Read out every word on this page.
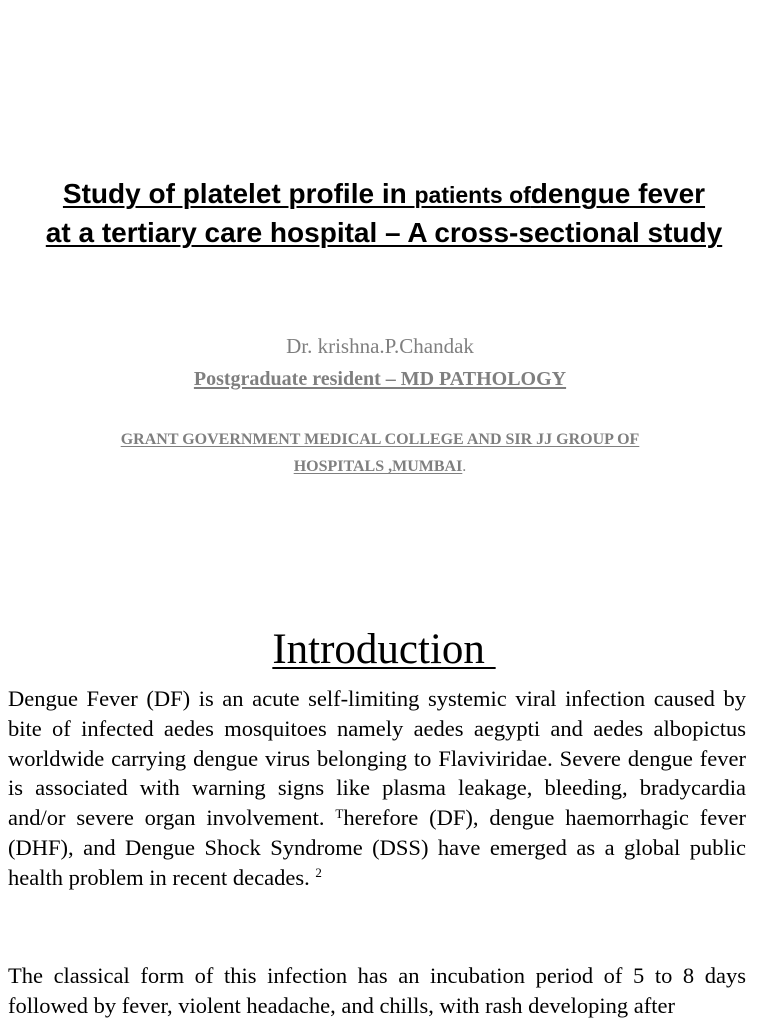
Study of platelet profile in patients ofdengue fever
at a tertiary care hospital – A cross-sectional study
Dr. krishna.P.Chandak
Postgraduate resident – MD PATHOLOGY
GRANT GOVERNMENT MEDICAL COLLEGE AND SIR JJ GROUP OF
HOSPITALS ,MUMBAI.
Introduction
Dengue Fever (DF) is an acute self-limiting systemic viral infection caused by bite of infected aedes mosquitoes namely aedes aegypti and aedes albopictus worldwide carrying dengue virus belonging to Flaviviridae. Severe dengue fever is associated with warning signs like plasma leakage, bleeding, bradycardia and/or severe organ involvement. $^T$herefore (DF), dengue haemorrhagic fever (DHF), and Dengue Shock Syndrome (DSS) have emerged as a global public health problem in recent decades. $^2$
The classical form of this infection has an incubation period of 5 to 8 days followed by fever, violent headache, and chills, with rash developing after
